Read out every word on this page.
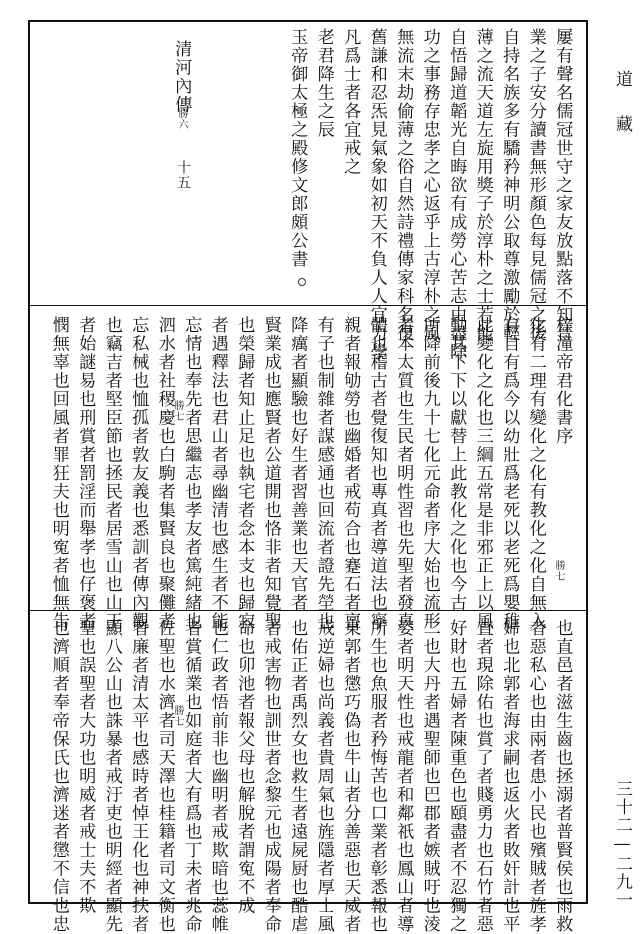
屢有聲名儒冠世守之家友放點落不知晉
業之子安分讀書無形顏色每見儒冠之後
自持名族多有驕矜神明公取尊激勵於輕
薄之流天道左旋用獎子於淳朴之士若能
自悟歸道韜光自晦欲有成勞心苦志由盡除
功之事務存忠孝之心返乎上古淳朴之風
無流末劫偷薄之俗自然詩禮傳家科名復
舊謙和忍炁見氣象如初天不負人人宜力學
凡爲士者各宜戒之
老君降生之辰
玉帝御太極之殿修文郎頗公書
清河內傳
勝六
十五
梓潼帝君化書序
化有二理有變化之化有教化之化自無入
有自有爲今以幼壯爲老死以老死爲嬰稚
此變化之化也三綱五常是非邪正上以風
動其下下以獻替上此教化之化也今古
所降前後九十七化元命者序大始也流形
者本太質也生民者明性習也先聖者發真
體也稽古者覺復知也專真者導道法也寧
親者報劬勞也幽婚者戒苟合也蹇石者亶
有子也制雜者謀感通也回流者證先塋也
降癘者顯驗也好生者習善業也天官者
賢業成也應賢者公道開也恪非者知覺聖
也榮歸者知止足也執宅者念本支也歸寂
者遇釋法也君山者尋幽清也感生者不能
忘情也奉先者思繼志也孝友者篤純緒也
泗水者社稷慶也白駒者集賢良也聚儺者
忘私械也恤孤者敦友義也悉訓者傳內觀
也竊吉者堅臣節也拯民者居雪山也山王
者始謎易也刑賞者罰淫而舉孝也仔褒者
憫無辜也回風者罪狂夫也明寃者恤無告	勝七
勝七
也直邑者滋生齒也拯溺者普賢侯也雨救
者惡私心也由兩者患小民也殯賊者旌孝
婦也北郭者海求嗣也返火者敗奸計也平
直者現除佑也賞了者賤勇力也石竹者惡
好財也五婦者陳重色也頤盡者不忍獨之
二也大丹者遇聖師也巴郡者嫉賊吁也淩
姿者明天性也戒龍者和鄰祇也鳳山者導
所生也魚服者矜悔苦也口業者彰悉報也
東郭者懲巧偽也牛山者分善惡也天威者
戒逆婦也尚義者貴周氣也旌隱者厚士風
也佑正者禹烈女也救生者遠屍厨也酷虐
者戒害物也訓世者念黎元也成陽者奉命
命也卯池者報父母也解脫者謂寃不成
也仁政者悟前非也幽明者戒欺暗也蕊帷
者賞循業也如庭者大有爲也丁未者兆命
佐聖也水濟者司天澤也桂籍者司文衡也
者廉者清太平也感時者悼王化也神扶者
顯八公山也誅暴者戒汙吏也明經者顯先
聖也誤聖者大功也明威者戒士夫不欺
也濟順者奉帝保氏也濟迷者懲不信也忠	勝七
道藏
三十二—二九一
